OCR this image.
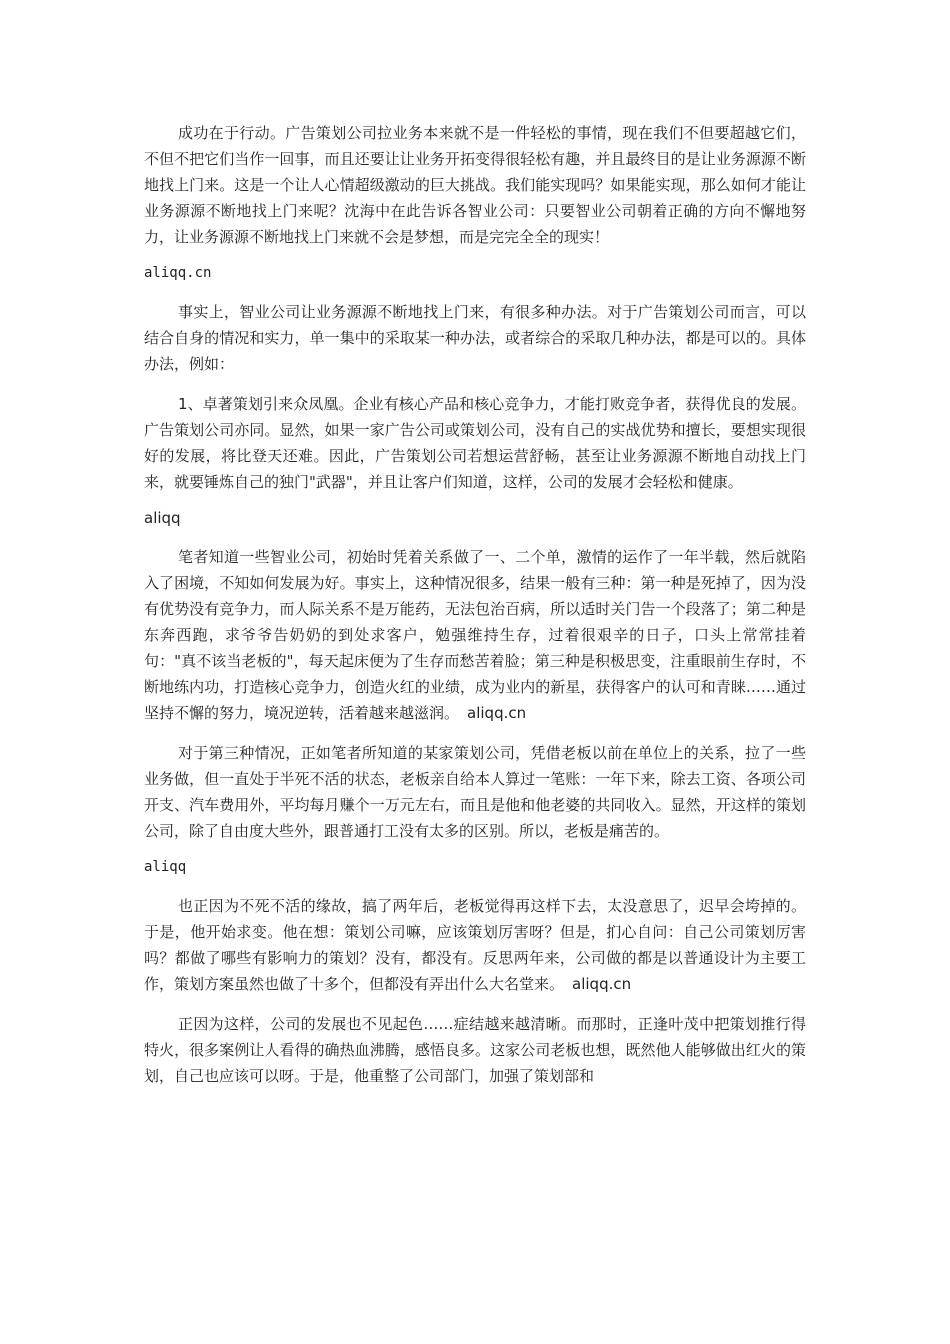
成功在于行动。广告策划公司拉业务本来就不是一件轻松的事情，现在我们不但要超越它们，不但不把它们当作一回事，而且还要让让业务开拓变得很轻松有趣，并且最终目的是让业务源源不断地找上门来。这是一个让人心情超级激动的巨大挑战。我们能实现吗？如果能实现，那么如何才能让业务源源不断地找上门来呢？沈海中在此告诉各智业公司：只要智业公司朝着正确的方向不懈地努力，让业务源源不断地找上门来就不会是梦想，而是完完全全的现实！

aliqq.cn

事实上，智业公司让业务源源不断地找上门来，有很多种办法。对于广告策划公司而言，可以结合自身的情况和实力，单一集中的采取某一种办法，或者综合的采取几种办法，都是可以的。具体办法，例如：

1、卓著策划引来众凤凰。企业有核心产品和核心竞争力，才能打败竞争者，获得优良的发展。广告策划公司亦同。显然，如果一家广告公司或策划公司，没有自己的实战优势和擅长，要想实现很好的发展，将比登天还难。因此，广告策划公司若想运营舒畅，甚至让业务源源不断地自动找上门来，就要锤炼自己的独门"武器"，并且让客户们知道，这样，公司的发展才会轻松和健康。

aliqq

笔者知道一些智业公司，初始时凭着关系做了一、二个单，激情的运作了一年半载，然后就陷入了困境，不知如何发展为好。事实上，这种情况很多，结果一般有三种：第一种是死掉了，因为没有优势没有竞争力，而人际关系不是万能药，无法包治百病，所以适时关门告一个段落了；第二种是东奔西跑，求爷爷告奶奶的到处求客户，勉强维持生存，过着很艰辛的日子，口头上常常挂着句："真不该当老板的"，每天起床便为了生存而愁苦着脸；第三种是积极思变，注重眼前生存时，不断地练内功，打造核心竞争力，创造火红的业绩，成为业内的新星，获得客户的认可和青睐……通过坚持不懈的努力，境况逆转，活着越来越滋润。 aliqq.cn

对于第三种情况，正如笔者所知道的某家策划公司，凭借老板以前在单位上的关系，拉了一些业务做，但一直处于半死不活的状态，老板亲自给本人算过一笔账：一年下来，除去工资、各项公司开支、汽车费用外，平均每月赚个一万元左右，而且是他和他老婆的共同收入。显然，开这样的策划公司，除了自由度大些外，跟普通打工没有太多的区别。所以，老板是痛苦的。

aliqq

也正因为不死不活的缘故，搞了两年后，老板觉得再这样下去，太没意思了，迟早会垮掉的。于是，他开始求变。他在想：策划公司嘛，应该策划厉害呀？但是，扪心自问：自己公司策划厉害吗？都做了哪些有影响力的策划？没有，都没有。反思两年来，公司做的都是以普通设计为主要工作，策划方案虽然也做了十多个，但都没有弄出什么大名堂来。 aliqq.cn

正因为这样，公司的发展也不见起色……症结越来越清晰。而那时，正逢叶茂中把策划推行得特火，很多案例让人看得的确热血沸腾，感悟良多。这家公司老板也想，既然他人能够做出红火的策划，自己也应该可以呀。于是，他重整了公司部门，加强了策划部和
